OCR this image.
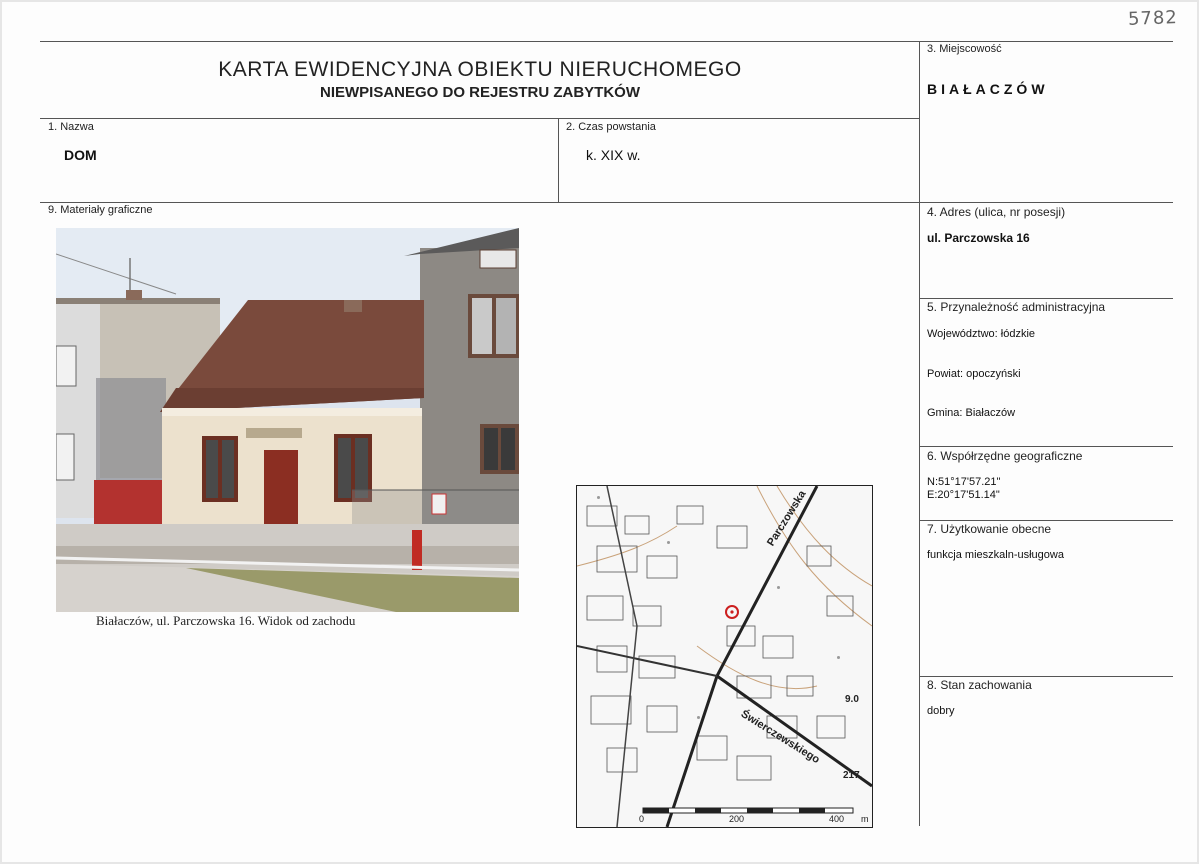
5782
KARTA EWIDENCYJNA OBIEKTU NIERUCHOMEGO
NIEWPISANEGO DO REJESTRU ZABYTKÓW
3. Miejscowość
BIAŁACZÓW
1. Nazwa
DOM
2. Czas powstania
k. XIX w.
9. Materiały graficzne	4. Adres (ulica, nr posesji)
ul. Parczowska 16
5. Przynależność administracyjna
Województwo: łódzkie
Powiat: opoczyński
Gmina: Białaczów
6. Współrzędne geograficzne
N:51°17'57.21"
E:20°17'51.14"
7. Użytkowanie obecne
funkcja mieszkaln-usługowa
8. Stan zachowania
dobry
Białaczów, ul. Parczowska 16. Widok od zachodu
Parczowska
Świerczewskiego
9.0
217.
0	200	400 m
